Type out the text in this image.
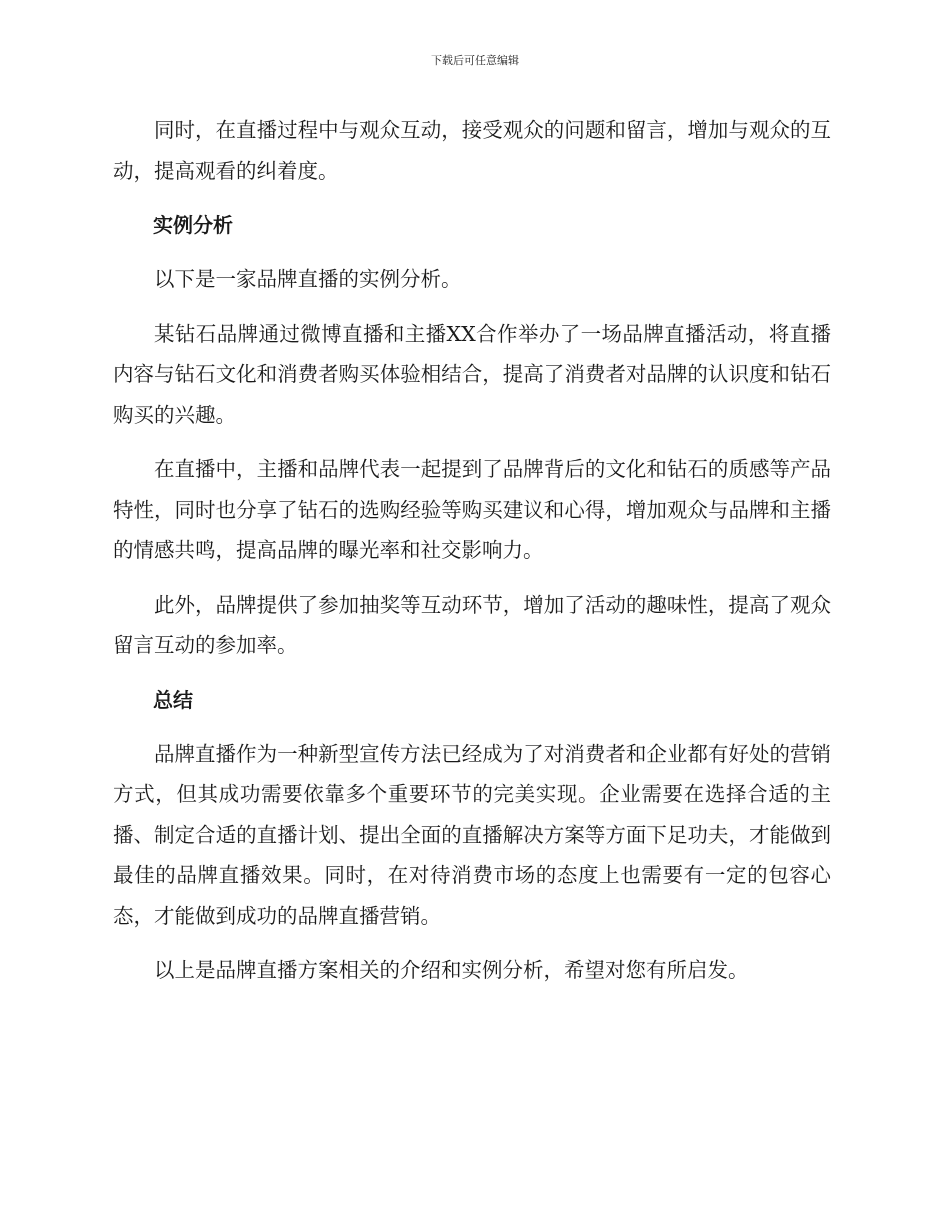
下载后可任意编辑

同时，在直播过程中与观众互动，接受观众的问题和留言，增加与观众的互动，提高观看的纠着度。

实例分析

以下是一家品牌直播的实例分析。

某钻石品牌通过微博直播和主播XX合作举办了一场品牌直播活动，将直播内容与钻石文化和消费者购买体验相结合，提高了消费者对品牌的认识度和钻石购买的兴趣。

在直播中，主播和品牌代表一起提到了品牌背后的文化和钻石的质感等产品特性，同时也分享了钻石的选购经验等购买建议和心得，增加观众与品牌和主播的情感共鸣，提高品牌的曝光率和社交影响力。

此外，品牌提供了参加抽奖等互动环节，增加了活动的趣味性，提高了观众留言互动的参加率。

总结

品牌直播作为一种新型宣传方法已经成为了对消费者和企业都有好处的营销方式，但其成功需要依靠多个重要环节的完美实现。企业需要在选择合适的主播、制定合适的直播计划、提出全面的直播解决方案等方面下足功夫，才能做到最佳的品牌直播效果。同时，在对待消费市场的态度上也需要有一定的包容心态，才能做到成功的品牌直播营销。

以上是品牌直播方案相关的介绍和实例分析，希望对您有所启发。
